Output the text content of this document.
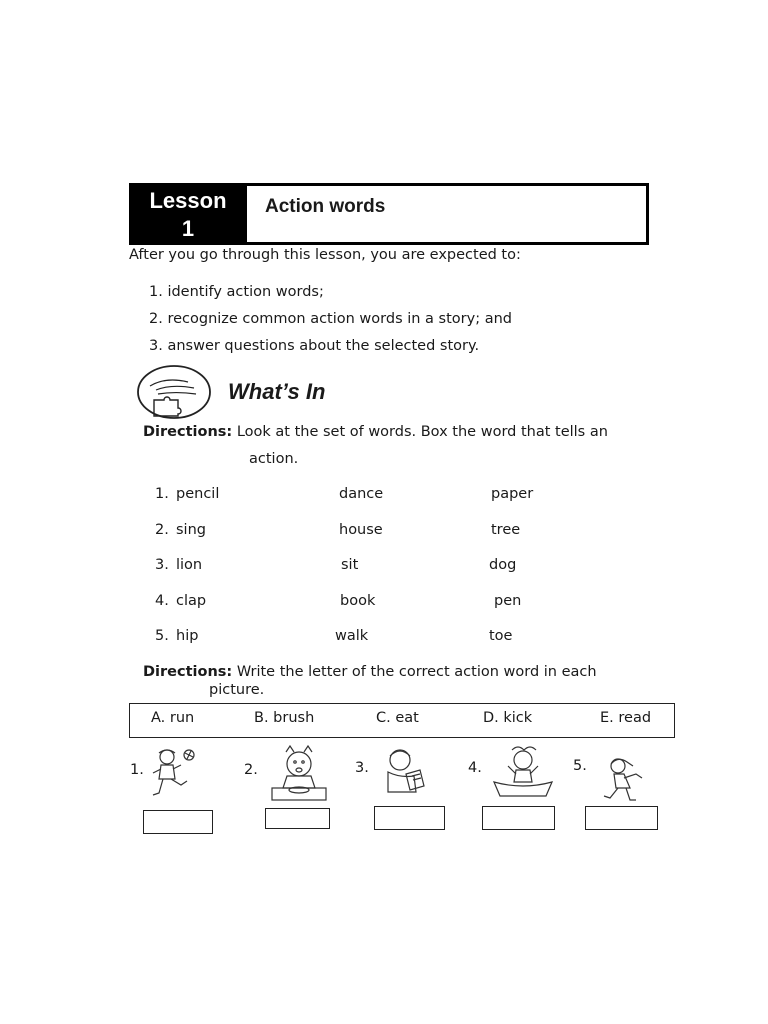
Lesson
1
Action words
After you go through this lesson, you are expected to:
1. identify action words;
2. recognize common action words in a story; and
3. answer questions about the selected story.
What’s In
Directions: Look at the set of words. Box the word that tells an
action.
1. pencil	dance	paper
2. sing	house	tree
3. lion	sit	dog
4. clap	book	pen
5. hip	walk	toe
Directions: Write the letter of the correct action word in each
picture.
A. run	B. brush	C. eat	D. kick	E. read
1.	2.	3.	4.	5.
